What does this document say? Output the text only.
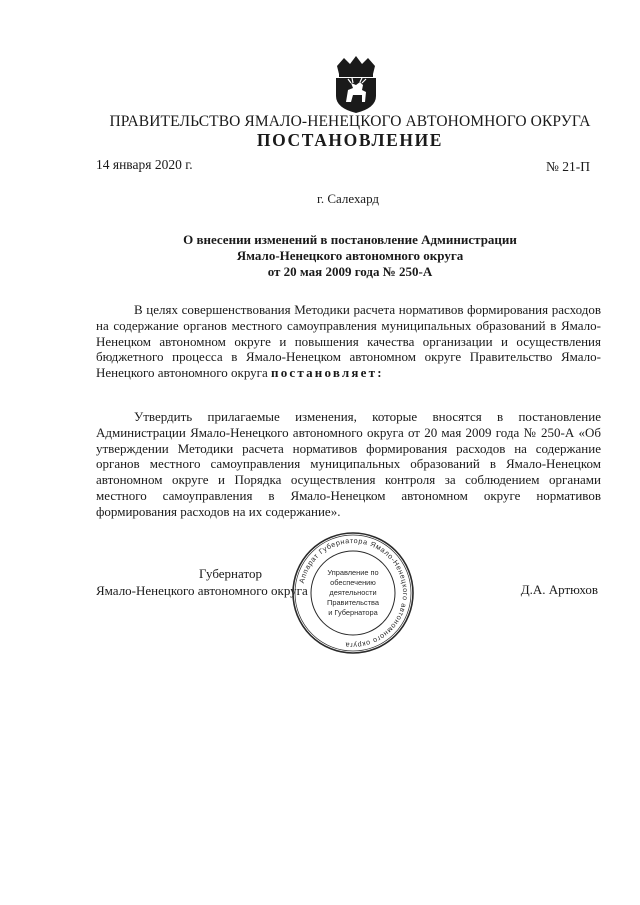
ПРАВИТЕЛЬСТВО ЯМАЛО-НЕНЕЦКОГО АВТОНОМНОГО ОКРУГА
ПОСТАНОВЛЕНИЕ
14 января 2020 г.	№ 21-П
г. Салехард
О внесении изменений в постановление Администрации
Ямало-Ненецкого автономного округа
от 20 мая 2009 года № 250-А
В целях совершенствования Методики расчета нормативов формирования расходов на содержание органов местного самоуправления муниципальных образований в Ямало-Ненецком автономном округе и повышения качества организации и осуществления бюджетного процесса в Ямало-Ненецком автономном округе Правительство Ямало-Ненецкого автономного округа постановляет:
Утвердить прилагаемые изменения, которые вносятся в постановление Администрации Ямало-Ненецкого автономного округа от 20 мая 2009 года № 250-А «Об утверждении Методики расчета нормативов формирования расходов на содержание органов местного самоуправления муниципальных образований в Ямало-Ненецком автономном округе и Порядка осуществления контроля за соблюдением органами местного самоуправления в Ямало-Ненецком автономном округе нормативов формирования расходов на их содержание».
Губернатор
Ямало-Ненецкого автономного округа	Д.А. Артюхов
Аппарат Губернатора Ямало-Ненецкого автономного округа
Управление по
обеспечению
деятельности
Правительства
и Губернатора
